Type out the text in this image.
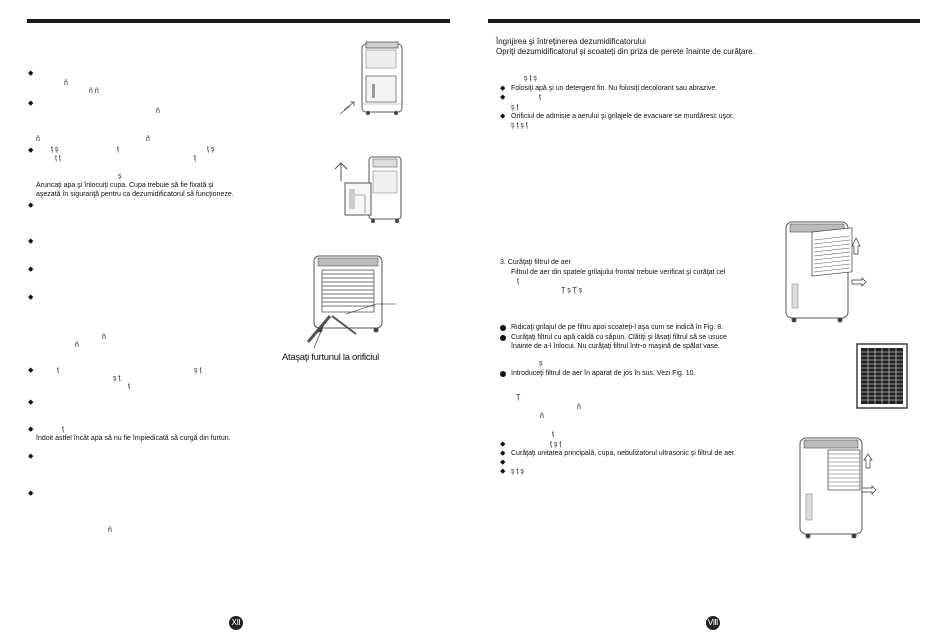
◆
ñ
ñ ñ
◆
ñ
ñ	ñ
◆	ţ ş	ţ	ţ ş
ţ ţ	ţ
ş
Aruncaţi apa şi înlocuiţi cupa. Cupa trebuie să fie fixată şi
aşezată în siguranţă pentru ca dezumidificatorul să funcţioneze.
◆
◆
◆
◆
ñ
ñ
◆	ţ	ş ţ
ş ţ
ţ
◆
◆	ţ
îndoit astfel încât apa să nu fie împiedicată să curgă din furtun.
◆
◆
ñ
Ataşaţi furtunul la orificiul
Ⅻ
Îngrijirea şi întreţinerea dezumidificatorului
Opriţi dezumidificatorul şi scoateţi din priza de perete înainte de curăţare.
ş ţ ş
◆ Folosiţi apă şi un detergent fin. Nu folosiţi decolorant sau abrazive.
◆	ţ
ş ţ
◆ Orificiul de admisie a aerului şi grilajele de evacuare se murdăresc uşor,
ş ţ ş ţ
3. Curăţaţi filtrul de aer
Filtrul de aer din spatele grilajului frontal trebuie verificat şi curăţat cel
ţ
Ţ ş Ţ ş
Ridicaţi grilajul de pe filtru apoi scoateţi-l aşa cum se indică în Fig. 8.
Curăţaţi filtrul cu apă caldă cu săpun. Clătiţi şi lăsaţi filtrul să se usuce
înainte de a-l înlocui. Nu curăţaţi filtrul într-o maşină de spălat vase.
ş
Introduceţi filtrul de aer în aparat de jos în sus. Vezi Fig. 10.
Ţ
ñ
ñ
ţ
◆	ţ ş ţ
◆ Curăţaţi unitatea principală, cupa, nebulizatorul ultrasonic şi filtrul de aer.
◆
◆ ş ţ ş
Ⅷ
